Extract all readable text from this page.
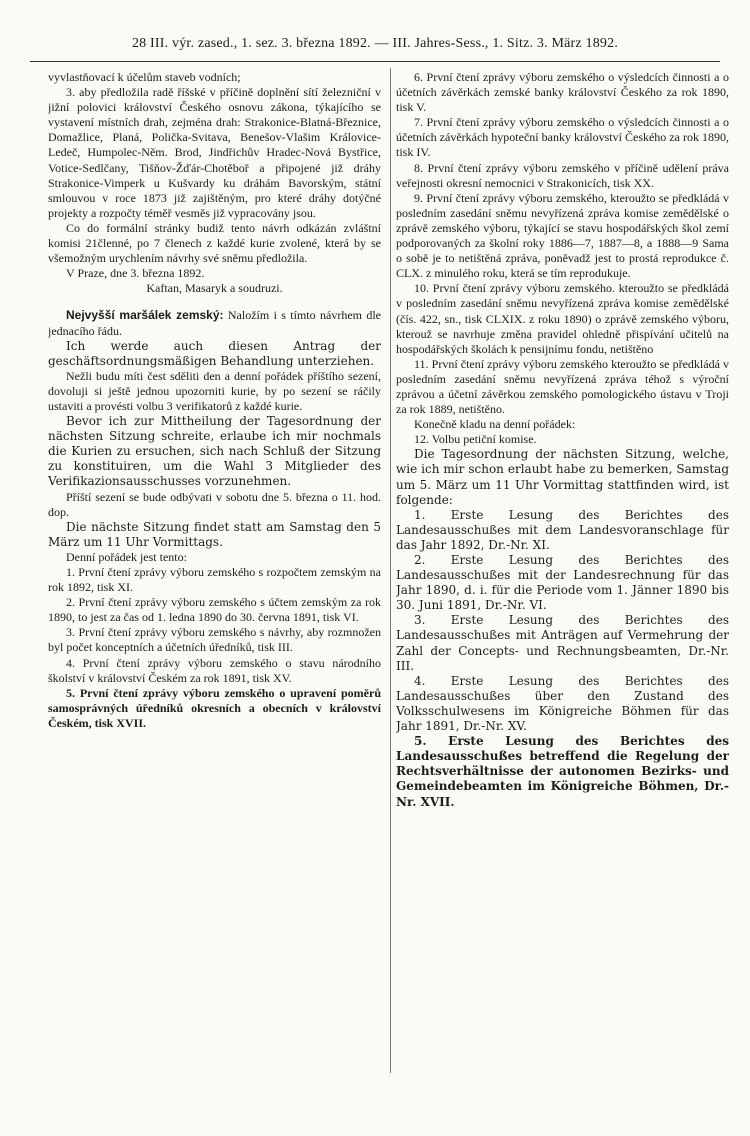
28 III. výr. zased., 1. sez. 3. března 1892. — III. Jahres-Sess., 1. Sitz. 3. März 1892.

vyvlastňovací k účelům staveb vodních;

3. aby předložila radě říšské v příčině doplnění sítí železniční v jižní polovici království Českého osnovu zákona, týkajícího se vystavení místních drah, zejména drah: Strakonice-Blatná-Březnice, Domažlice, Planá, Polička-Svitava, Benešov-Vlašim Královice-Ledeč, Humpolec-Něm. Brod, Jindřichův Hradec-Nová Bystřice, Votice-Sedlčany, Tišňov-Žďár-Chotěboř a připojené již dráhy Strakonice-Vimperk u Kušvardy ku dráhám Bavorským, státní smlouvou v roce 1873 již zajištěným, pro které dráhy dotýčné projekty a rozpočty téměř vesměs již vypracovány jsou.

Co do formální stránky budiž tento návrh odkázán zvláštní komisi 21členné, po 7 členech z každé kurie zvolené, která by se všemožným urychlením návrhy své sněmu předložila.

V Praze, dne 3. března 1892.

Kaftan, Masaryk a soudruzi.

Nejvyšší maršálek zemský: Naložím i s tímto návrhem dle jednacího řádu.

Ich werde auch diesen Antrag der geschäftsordnungsmäßigen Behandlung unterziehen.

Nežli budu míti čest sděliti den a denní pořádek příštího sezení, dovoluji si ještě jednou upozorniti kurie, by po sezení se ráčily ustaviti a provésti volbu 3 verifikatorů z každé kurie.

Bevor ich zur Mittheilung der Tagesordnung der nächsten Sitzung schreite, erlaube ich mir nochmals die Kurien zu ersuchen, sich nach Schluß der Sitzung zu konstituiren, um die Wahl 3 Mitglieder des Verifikazionsausschusses vorzunehmen.

Příští sezení se bude odbývati v sobotu dne 5. března o 11. hod. dop.

Die nächste Sitzung findet statt am Samstag den 5 März um 11 Uhr Vormittags.

Denní pořádek jest tento:

1. První čtení zprávy výboru zemského s rozpočtem zemským na rok 1892, tisk XI.

2. První čtení zprávy výboru zemského s účtem zemským za rok 1890, to jest za čas od 1. ledna 1890 do 30. června 1891, tisk VI.

3. První čtení zprávy výboru zemského s návrhy, aby rozmnožen byl počet konceptních a účetních úředníků, tisk III.

4. První čtení zprávy výboru zemského o stavu národního školství v království Českém za rok 1891, tisk XV.

5. První čtení zprávy výboru zemského o upravení poměrů samosprávných úředníků okresních a obecních v království Českém, tisk XVII.

6. První čtení zprávy výboru zemského o výsledcích činnosti a o účetních závěrkách zemské banky království Českého za rok 1890, tisk V.

7. První čtení zprávy výboru zemského o výsledcích činnosti a o účetních závěrkách hypoteční banky království Českého za rok 1890, tisk IV.

8. První čtení zprávy výboru zemského v příčině udělení práva veřejnosti okresní nemocnici v Strakonicích, tisk XX.

9. První čtení zprávy výboru zemského, kteroužto se předkládá v posledním zasedání sněmu nevyřízená zpráva komise zemědělské o zprávě zemského výboru, týkající se stavu hospodářských škol zemí podporovaných za školní roky 1886—7, 1887—8, a 1888—9 Sama o sobě je to netištěná zpráva, poněvadž jest to prostá reprodukce č. CLX. z minulého roku, která se tím reprodukuje.

10. První čtení zprávy výboru zemského. kteroužto se předkládá v posledním zasedání sněmu nevyřízená zpráva komise zemědělské (čís. 422, sn., tisk CLXIX. z roku 1890) o zprávě zemského výboru, kterouž se navrhuje změna pravidel ohledně přispívání učitelů na hospodářských školách k pensijnímu fondu, netištěno

11. První čtení zprávy výboru zemského kteroužto se předkládá v posledním zasedání sněmu nevyřízená zpráva téhož s výroční zprávou a účetní závěrkou zemského pomologického ústavu v Troji za rok 1889, netištěno.

Konečně kladu na denní pořádek:

12. Volbu petiční komise.

Die Tagesordnung der nächsten Sitzung, welche, wie ich mir schon erlaubt habe zu bemerken, Samstag um 5. März um 11 Uhr Vormittag stattfinden wird, ist folgende:

1. Erste Lesung des Berichtes des Landesausschußes mit dem Landesvoranschlage für das Jahr 1892, Dr.-Nr. XI.

2. Erste Lesung des Berichtes des Landesausschußes mit der Landesrechnung für das Jahr 1890, d. i. für die Periode vom 1. Jänner 1890 bis 30. Juni 1891, Dr.-Nr. VI.

3. Erste Lesung des Berichtes des Landesausschußes mit Anträgen auf Vermehrung der Zahl der Concepts- und Rechnungsbeamten, Dr.-Nr. III.

4. Erste Lesung des Berichtes des Landesausschußes über den Zustand des Volksschulwesens im Königreiche Böhmen für das Jahr 1891, Dr.-Nr. XV.

5. Erste Lesung des Berichtes des Landesausschußes betreffend die Regelung der Rechtsverhältnisse der autonomen Bezirks- und Gemeindebeamten im Königreiche Böhmen, Dr.-Nr. XVII.
